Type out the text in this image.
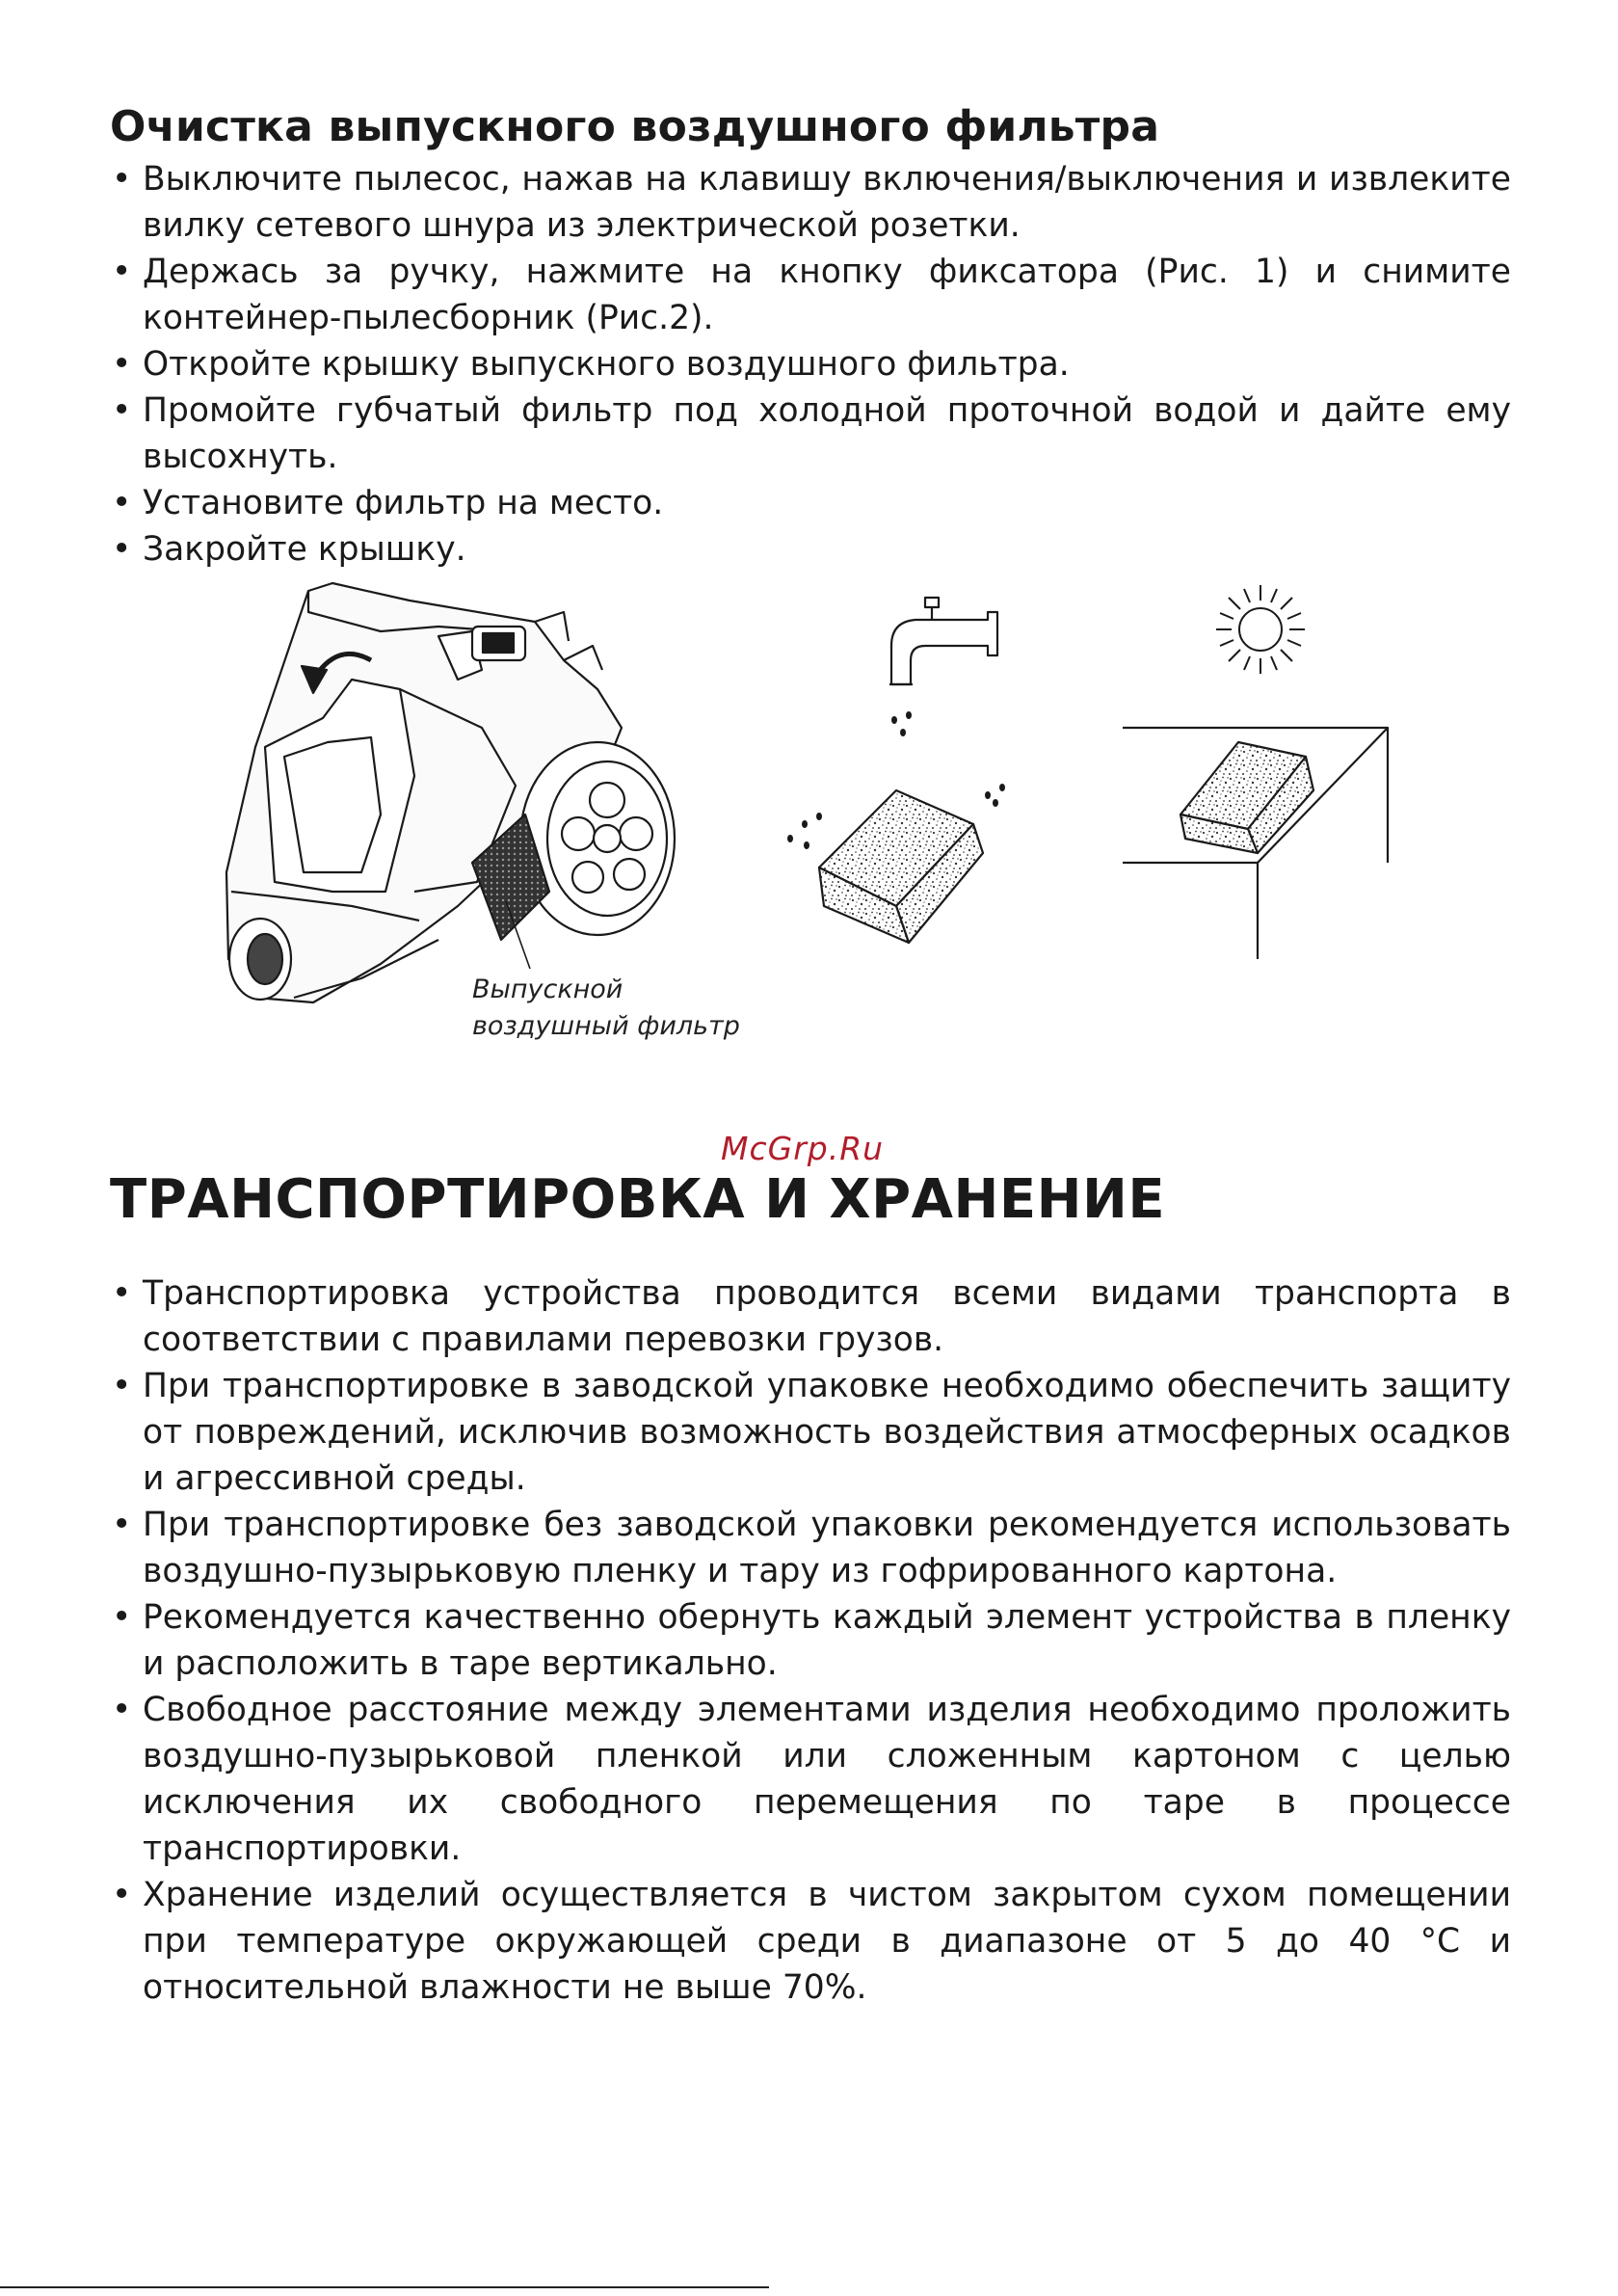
Очистка выпускного воздушного фильтра
• Выключите пылесос, нажав на клавишу включения/выключения и извлеките вилку сетевого шнура из электрической розетки.
• Держась за ручку, нажмите на кнопку фиксатора (Рис. 1) и снимите контейнер-пылесборник (Рис.2).
• Откройте крышку выпускного воздушного фильтра.
• Промойте губчатый фильтр под холодной проточной водой и дайте ему высохнуть.
• Установите фильтр на место.
• Закройте крышку.
Выпускной
воздушный фильтр
McGrp.Ru
ТРАНСПОРТИРОВКА И ХРАНЕНИЕ
• Транспортировка устройства проводится всеми видами транспорта в соответствии с правилами перевозки грузов.
• При транспортировке в заводской упаковке необходимо обеспечить защиту от повреждений, исключив возможность воздействия атмосферных осадков и агрессивной среды.
• При транспортировке без заводской упаковки рекомендуется использовать воздушно-пузырьковую пленку и тару из гофрированного картона.
• Рекомендуется качественно обернуть каждый элемент устройства в пленку и расположить в таре вертикально.
• Свободное расстояние между элементами изделия необходимо проложить воздушно-пузырьковой пленкой или сложенным картоном с целью исключения их свободного перемещения по таре в процессе транспортировки.
• Хранение изделий осуществляется в чистом закрытом сухом помещении при температуре окружающей среди в диапазоне от 5 до 40 °С и относительной влажности не выше 70%.
